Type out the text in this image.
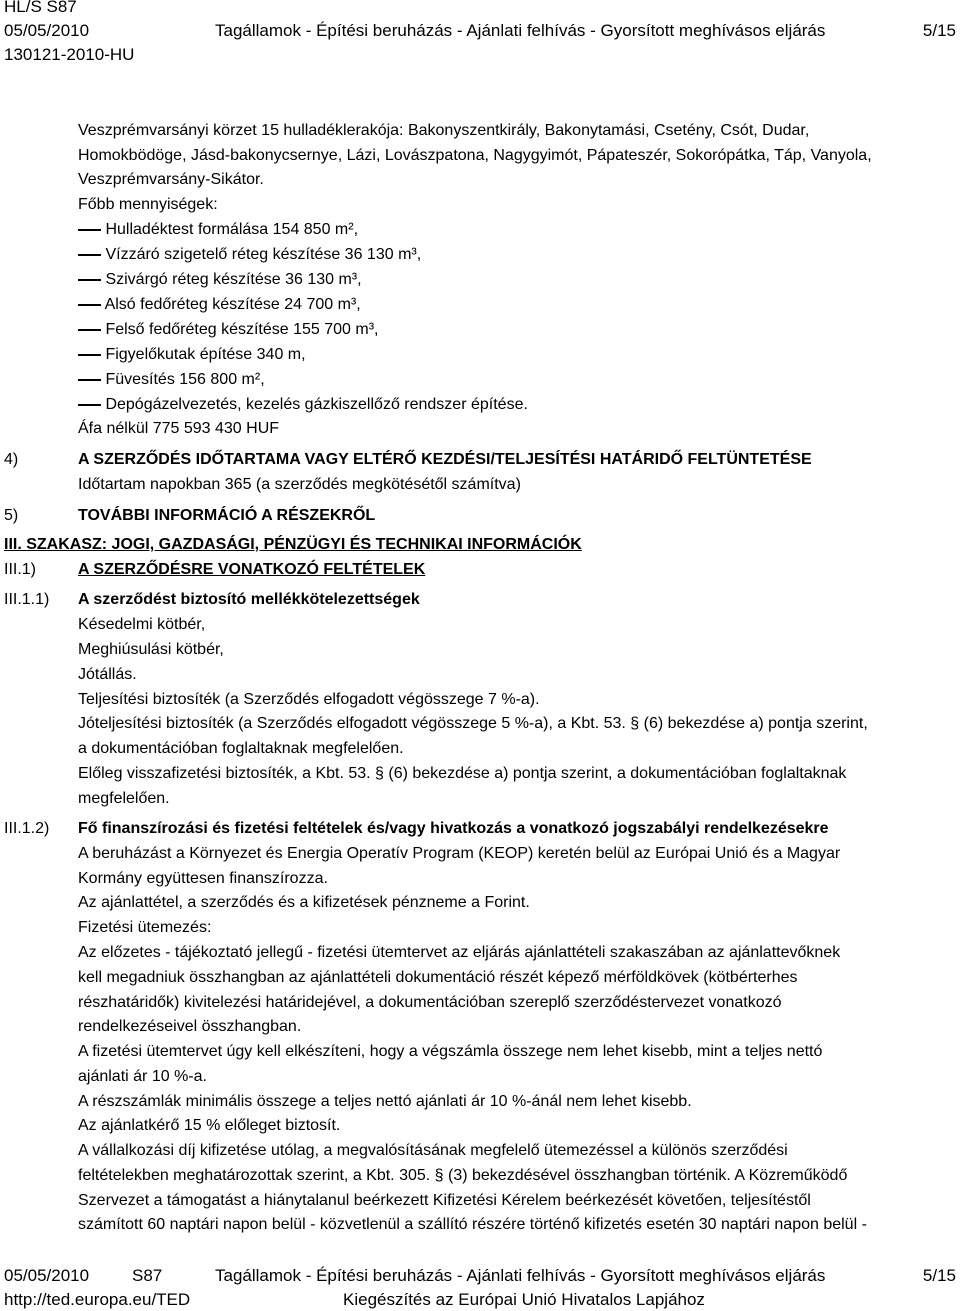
HL/S S87
05/05/2010	Tagállamok - Építési beruházás - Ajánlati felhívás - Gyorsított meghívásos eljárás	5/15
130121-2010-HU
Veszprémvarsányi körzet 15 hulladéklerakója: Bakonyszentkirály, Bakonytamási, Csetény, Csót, Dudar,
Homokbödöge, Jásd-bakonycsernye, Lázi, Lovászpatona, Nagygyimót, Pápateszér, Sokorópátka, Táp, Vanyola,
Veszprémvarsány-Sikátor.
Főbb mennyiségek:
Hulladéktest formálása 154 850 m²,
Vízzáró szigetelő réteg készítése 36 130 m³,
Szivárgó réteg készítése 36 130 m³,
Alsó fedőréteg készítése 24 700 m³,
Felső fedőréteg készítése 155 700 m³,
Figyelőkutak építése 340 m,
Füvesítés 156 800 m²,
Depógázelvezetés, kezelés gázkiszellőző rendszer építése.
Áfa nélkül 775 593 430 HUF
4)	A SZERZŐDÉS IDŐTARTAMA VAGY ELTÉRŐ KEZDÉSI/TELJESÍTÉSI HATÁRIDŐ FELTÜNTETÉSE
Időtartam napokban 365 (a szerződés megkötésétől számítva)
5)	TOVÁBBI INFORMÁCIÓ A RÉSZEKRŐL
III. SZAKASZ: JOGI, GAZDASÁGI, PÉNZÜGYI ÉS TECHNIKAI INFORMÁCIÓK
III.1)	A SZERZŐDÉSRE VONATKOZÓ FELTÉTELEK
III.1.1) A szerződést biztosító mellékkötelezettségek
Késedelmi kötbér,
Meghiúsulási kötbér,
Jótállás.
Teljesítési biztosíték (a Szerződés elfogadott végösszege 7 %-a).
Jóteljesítési biztosíték (a Szerződés elfogadott végösszege 5 %-a), a Kbt. 53. § (6) bekezdése a) pontja szerint,
a dokumentációban foglaltaknak megfelelően.
Előleg visszafizetési biztosíték, a Kbt. 53. § (6) bekezdése a) pontja szerint, a dokumentációban foglaltaknak
megfelelően.
III.1.2) Fő finanszírozási és fizetési feltételek és/vagy hivatkozás a vonatkozó jogszabályi rendelkezésekre
A beruházást a Környezet és Energia Operatív Program (KEOP) keretén belül az Európai Unió és a Magyar
Kormány együttesen finanszírozza.
Az ajánlattétel, a szerződés és a kifizetések pénzneme a Forint.
Fizetési ütemezés:
Az előzetes - tájékoztató jellegű - fizetési ütemtervet az eljárás ajánlattételi szakaszában az ajánlattevőknek
kell megadniuk összhangban az ajánlattételi dokumentáció részét képező mérföldkövek (kötbérterhes
részhatáridők) kivitelezési határidejével, a dokumentációban szereplő szerződéstervezet vonatkozó
rendelkezéseivel összhangban.
A fizetési ütemtervet úgy kell elkészíteni, hogy a végszámla összege nem lehet kisebb, mint a teljes nettó
ajánlati ár 10 %-a.
A részszámlák minimális összege a teljes nettó ajánlati ár 10 %-ánál nem lehet kisebb.
Az ajánlatkérő 15 % előleget biztosít.
A vállalkozási díj kifizetése utólag, a megvalósításának megfelelő ütemezéssel a különös szerződési
feltételekben meghatározottak szerint, a Kbt. 305. § (3) bekezdésével összhangban történik. A Közreműködő
Szervezet a támogatást a hiánytalanul beérkezett Kifizetési Kérelem beérkezését követően, teljesítéstől
számított 60 naptári napon belül - közvetlenül a szállító részére történő kifizetés esetén 30 naptári napon belül -
05/05/2010	S87	Tagállamok - Építési beruházás - Ajánlati felhívás - Gyorsított meghívásos eljárás	5/15
http://ted.europa.eu/TED	Kiegészítés az Európai Unió Hivatalos Lapjához
